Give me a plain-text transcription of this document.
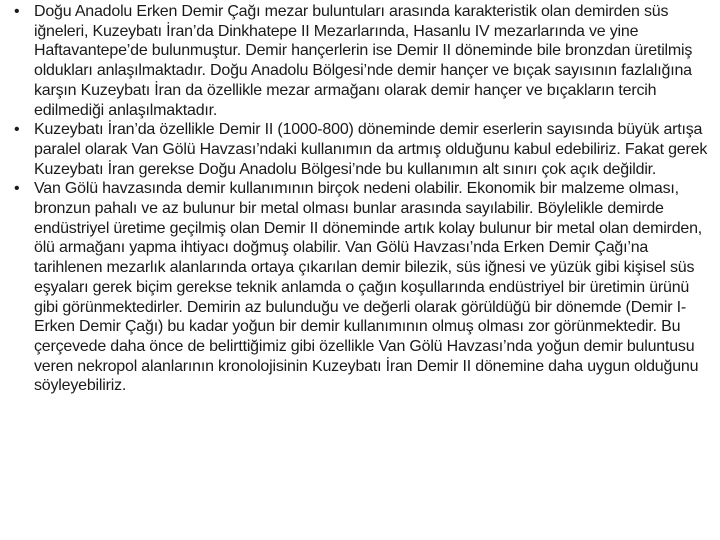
• Doğu Anadolu Erken Demir Çağı mezar buluntuları arasında karakteristik olan demirden süs iğneleri, Kuzeybatı İran’da Dinkhatepe II Mezarlarında, Hasanlu IV mezarlarında ve yine Haftavantepe’de bulunmuştur. Demir hançerlerin ise Demir II döneminde bile bronzdan üretilmiş oldukları anlaşılmaktadır. Doğu Anadolu Bölgesi’nde demir hançer ve bıçak sayısının fazlalığına karşın Kuzeybatı İran da özellikle mezar armağanı olarak demir hançer ve bıçakların tercih edilmediği anlaşılmaktadır.
• Kuzeybatı İran’da özellikle Demir II (1000-800) döneminde demir eserlerin sayısında büyük artışa paralel olarak Van Gölü Havzası’ndaki kullanımın da artmış olduğunu kabul edebiliriz. Fakat gerek Kuzeybatı İran gerekse Doğu Anadolu Bölgesi’nde bu kullanımın alt sınırı çok açık değildir.
• Van Gölü havzasında demir kullanımının birçok nedeni olabilir. Ekonomik bir malzeme olması, bronzun pahalı ve az bulunur bir metal olması bunlar arasında sayılabilir. Böylelikle demirde endüstriyel üretime geçilmiş olan Demir II döneminde artık kolay bulunur bir metal olan demirden, ölü armağanı yapma ihtiyacı doğmuş olabilir. Van Gölü Havzası’nda Erken Demir Çağı’na tarihlenen mezarlık alanlarında ortaya çıkarılan demir bilezik, süs iğnesi ve yüzük gibi kişisel süs eşyaları gerek biçim gerekse teknik anlamda o çağın koşullarında endüstriyel bir üretimin ürünü gibi görünmektedirler. Demirin az bulunduğu ve değerli olarak görüldüğü bir dönemde (Demir I-Erken Demir Çağı) bu kadar yoğun bir demir kullanımının olmuş olması zor görünmektedir. Bu çerçevede daha önce de belirttiğimiz gibi özellikle Van Gölü Havzası’nda yoğun demir buluntusu veren nekropol alanlarının kronolojisinin Kuzeybatı İran Demir II dönemine daha uygun olduğunu söyleyebiliriz.
